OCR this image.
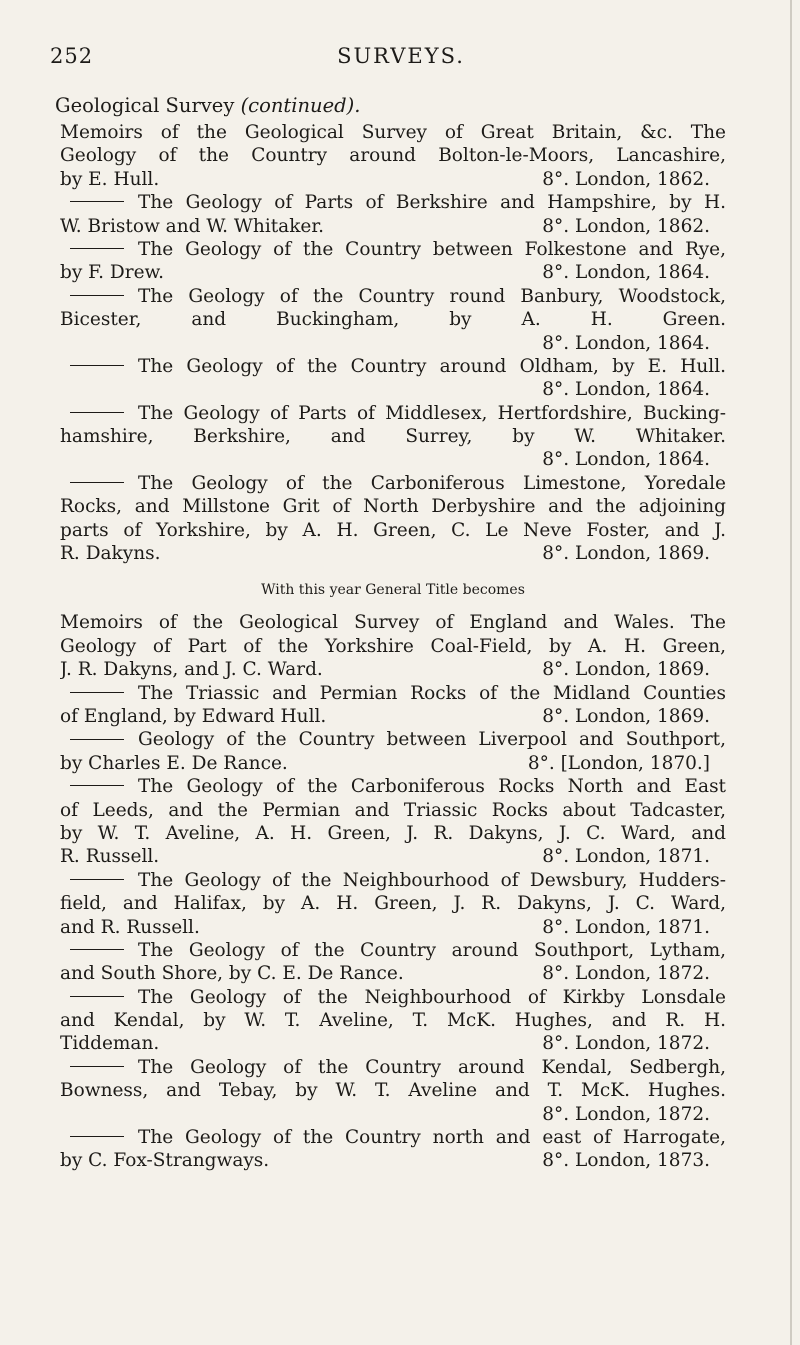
252	SURVEYS.
Geological Survey (continued).
Memoirs of the Geological Survey of Great Britain, &c. The
Geology of the Country around Bolton-le-Moors, Lancashire,
by E. Hull.	8°. London, 1862.
The Geology of Parts of Berkshire and Hampshire, by H.
W. Bristow and W. Whitaker.	8°. London, 1862.
The Geology of the Country between Folkestone and Rye,
by F. Drew.	8°. London, 1864.
The Geology of the Country round Banbury, Woodstock,
Bicester, and Buckingham, by A. H. Green.
8°. London, 1864.
The Geology of the Country around Oldham, by E. Hull.
8°. London, 1864.
The Geology of Parts of Middlesex, Hertfordshire, Bucking-
hamshire, Berkshire, and Surrey, by W. Whitaker.
8°. London, 1864.
The Geology of the Carboniferous Limestone, Yoredale
Rocks, and Millstone Grit of North Derbyshire and the adjoining
parts of Yorkshire, by A. H. Green, C. Le Neve Foster, and J.
R. Dakyns.	8°. London, 1869.
With this year General Title becomes
Memoirs of the Geological Survey of England and Wales. The
Geology of Part of the Yorkshire Coal-Field, by A. H. Green,
J. R. Dakyns, and J. C. Ward.	8°. London, 1869.
The Triassic and Permian Rocks of the Midland Counties
of England, by Edward Hull.	8°. London, 1869.
Geology of the Country between Liverpool and Southport,
by Charles E. De Rance.	8°. [London, 1870.]
The Geology of the Carboniferous Rocks North and East
of Leeds, and the Permian and Triassic Rocks about Tadcaster,
by W. T. Aveline, A. H. Green, J. R. Dakyns, J. C. Ward, and
R. Russell.	8°. London, 1871.
The Geology of the Neighbourhood of Dewsbury, Hudders-
field, and Halifax, by A. H. Green, J. R. Dakyns, J. C. Ward,
and R. Russell.	8°. London, 1871.
The Geology of the Country around Southport, Lytham,
and South Shore, by C. E. De Rance.	8°. London, 1872.
The Geology of the Neighbourhood of Kirkby Lonsdale
and Kendal, by W. T. Aveline, T. McK. Hughes, and R. H.
Tiddeman.	8°. London, 1872.
The Geology of the Country around Kendal, Sedbergh,
Bowness, and Tebay, by W. T. Aveline and T. McK. Hughes.
8°. London, 1872.
The Geology of the Country north and east of Harrogate,
by C. Fox-Strangways.	8°. London, 1873.
